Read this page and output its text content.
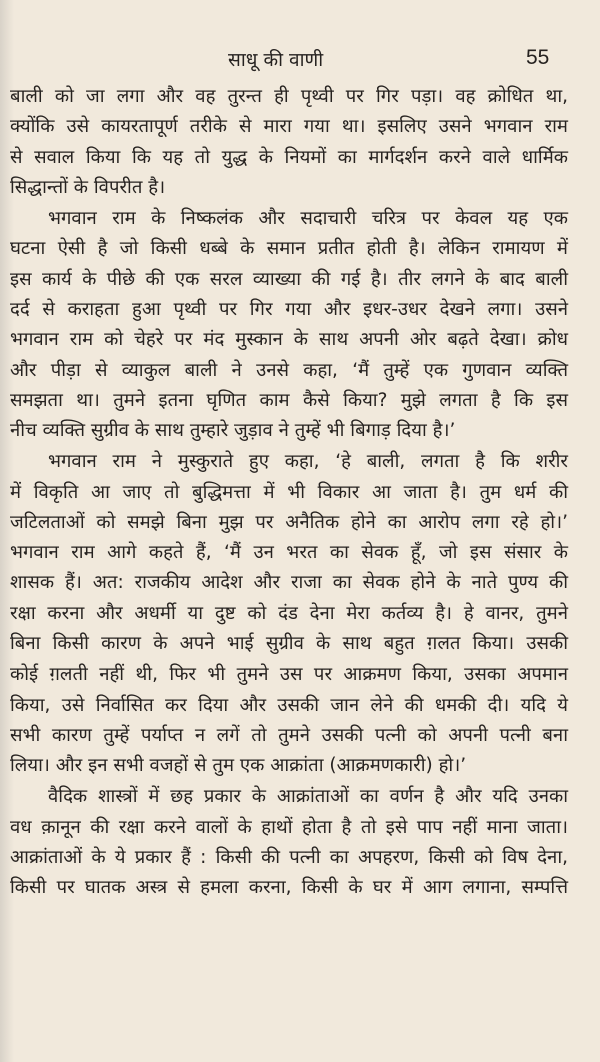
साधू की वाणी	55
बाली को जा लगा और वह तुरन्त ही पृथ्वी पर गिर पड़ा। वह क्रोधित था,
क्योंकि उसे कायरतापूर्ण तरीके से मारा गया था। इसलिए उसने भगवान राम
से सवाल किया कि यह तो युद्ध के नियमों का मार्गदर्शन करने वाले धार्मिक
सिद्धान्तों के विपरीत है।
भगवान राम के निष्कलंक और सदाचारी चरित्र पर केवल यह एक
घटना ऐसी है जो किसी धब्बे के समान प्रतीत होती है। लेकिन रामायण में
इस कार्य के पीछे की एक सरल व्याख्या की गई है। तीर लगने के बाद बाली
दर्द से कराहता हुआ पृथ्वी पर गिर गया और इधर-उधर देखने लगा। उसने
भगवान राम को चेहरे पर मंद मुस्कान के साथ अपनी ओर बढ़ते देखा। क्रोध
और पीड़ा से व्याकुल बाली ने उनसे कहा, ‘मैं तुम्हें एक गुणवान व्यक्ति
समझता था। तुमने इतना घृणित काम कैसे किया? मुझे लगता है कि इस
नीच व्यक्ति सुग्रीव के साथ तुम्हारे जुड़ाव ने तुम्हें भी बिगाड़ दिया है।’
भगवान राम ने मुस्कुराते हुए कहा, ‘हे बाली, लगता है कि शरीर
में विकृति आ जाए तो बुद्धिमत्ता में भी विकार आ जाता है। तुम धर्म की
जटिलताओं को समझे बिना मुझ पर अनैतिक होने का आरोप लगा रहे हो।’
भगवान राम आगे कहते हैं, ‘मैं उन भरत का सेवक हूँ, जो इस संसार के
शासक हैं। अत: राजकीय आदेश और राजा का सेवक होने के नाते पुण्य की
रक्षा करना और अधर्मी या दुष्ट को दंड देना मेरा कर्तव्य है। हे वानर, तुमने
बिना किसी कारण के अपने भाई सुग्रीव के साथ बहुत ग़लत किया। उसकी
कोई ग़लती नहीं थी, फिर भी तुमने उस पर आक्रमण किया, उसका अपमान
किया, उसे निर्वासित कर दिया और उसकी जान लेने की धमकी दी। यदि ये
सभी कारण तुम्हें पर्याप्त न लगें तो तुमने उसकी पत्नी को अपनी पत्नी बना
लिया। और इन सभी वजहों से तुम एक आक्रांता (आक्रमणकारी) हो।’
वैदिक शास्त्रों में छह प्रकार के आक्रांताओं का वर्णन है और यदि उनका
वध क़ानून की रक्षा करने वालों के हाथों होता है तो इसे पाप नहीं माना जाता।
आक्रांताओं के ये प्रकार हैं : किसी की पत्नी का अपहरण, किसी को विष देना,
किसी पर घातक अस्त्र से हमला करना, किसी के घर में आग लगाना, सम्पत्ति
